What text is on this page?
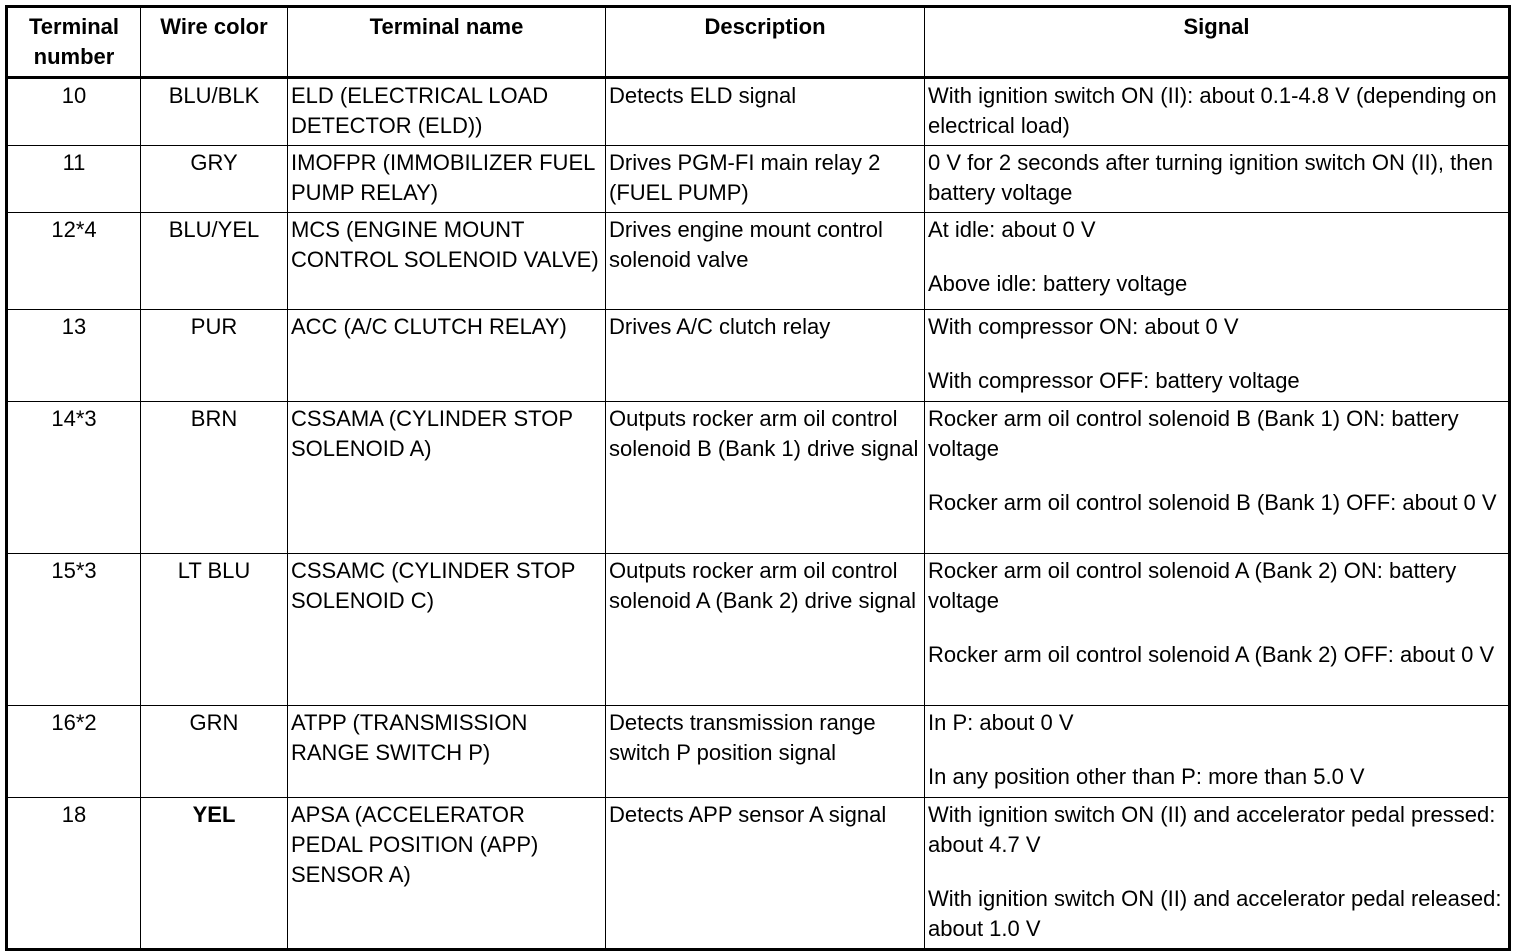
Terminal
number	Wire color	Terminal name	Description	Signal
10	BLU/BLK	ELD (ELECTRICAL LOAD DETECTOR (ELD))	Detects ELD signal	With ignition switch ON (II): about 0.1-4.8 V (depending on electrical load)

11	GRY	IMOFPR (IMMOBILIZER FUEL PUMP RELAY)	Drives PGM-FI main relay 2 (FUEL PUMP)	0 V for 2 seconds after turning ignition switch ON (II), then battery voltage

12*4	BLU/YEL	MCS (ENGINE MOUNT CONTROL SOLENOID VALVE)	Drives engine mount control solenoid valve	At idle: about 0 V
Above idle: battery voltage

13	PUR	ACC (A/C CLUTCH RELAY)	Drives A/C clutch relay	With compressor ON: about 0 V
With compressor OFF: battery voltage

14*3	BRN	CSSAMA (CYLINDER STOP SOLENOID A)	Outputs rocker arm oil control solenoid B (Bank 1) drive signal	Rocker arm oil control solenoid B (Bank 1) ON: battery voltage
Rocker arm oil control solenoid B (Bank 1) OFF: about 0 V

15*3	LT BLU	CSSAMC (CYLINDER STOP SOLENOID C)	Outputs rocker arm oil control solenoid A (Bank 2) drive signal	Rocker arm oil control solenoid A (Bank 2) ON: battery voltage
Rocker arm oil control solenoid A (Bank 2) OFF: about 0 V

16*2	GRN	ATPP (TRANSMISSION RANGE SWITCH P)	Detects transmission range switch P position signal	In P: about 0 V
In any position other than P: more than 5.0 V

18	YEL	APSA (ACCELERATOR PEDAL POSITION (APP) SENSOR A)	Detects APP sensor A signal	With ignition switch ON (II) and accelerator pedal pressed: about 4.7 V
With ignition switch ON (II) and accelerator pedal released: about 1.0 V
